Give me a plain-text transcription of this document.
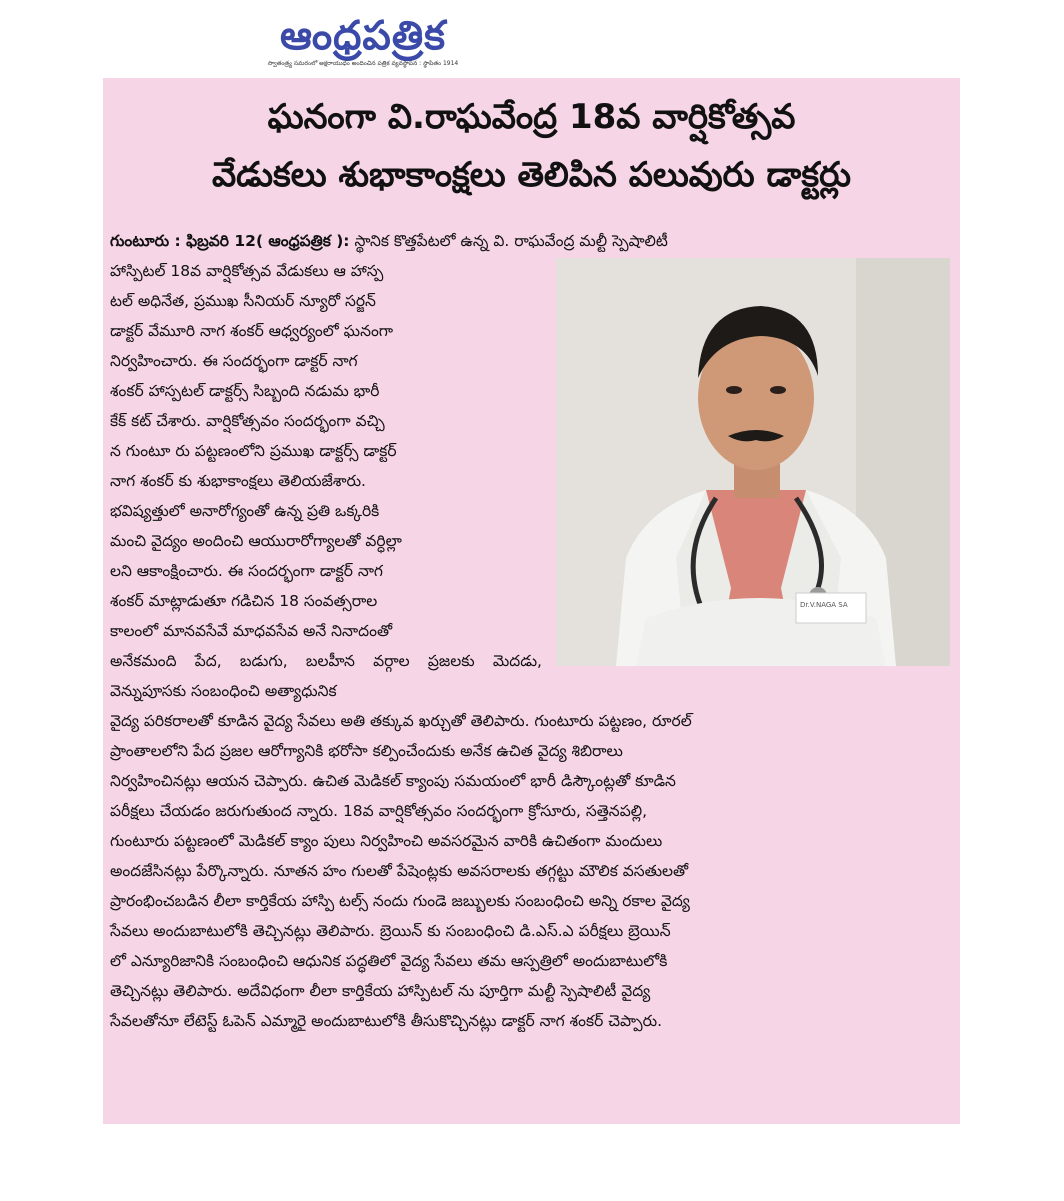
ఆంధ్రపత్రిక
స్వాతంత్ర్య సమరంలో అక్షరాయుధం అందించిన పత్రిక వ్యవస్థాపన : స్థాపితం 1914
ఘనంగా వి.రాఘవేంద్ర 18వ వార్షికోత్సవ
వేడుకలు శుభాకాంక్షలు తెలిపిన పలువురు డాక్టర్లు
గుంటూరు : ఫిబ్రవరి 12( ఆంధ్రపత్రిక ): స్థానిక కొత్తపేటలో ఉన్న వి. రాఘవేంద్ర మల్టీ స్పెషాలిటీ
Dr.V.NAGA SA
హాస్పిటల్ 18వ వార్షికోత్సవ వేడుకలు ఆ హాస్ప
టల్ అధినేత, ప్రముఖ సీనియర్ న్యూరో సర్జన్
డాక్టర్ వేమూరి నాగ శంకర్ ఆధ్వర్యంలో ఘనంగా
నిర్వహించారు. ఈ సందర్భంగా డాక్టర్ నాగ
శంకర్ హాస్పటల్ డాక్టర్స్ సిబ్బంది నడుమ భారీ
కేక్ కట్ చేశారు. వార్షికోత్సవం సందర్భంగా వచ్చి
న గుంటూ రు పట్టణంలోని ప్రముఖ డాక్టర్స్ డాక్టర్
నాగ శంకర్ కు శుభాకాంక్షలు తెలియజేశారు.
భవిష్యత్తులో అనారోగ్యంతో ఉన్న ప్రతి ఒక్కరికి
మంచి వైద్యం అందించి ఆయురారోగ్యాలతో వర్ధిల్లా
లని ఆకాంక్షించారు. ఈ సందర్భంగా డాక్టర్ నాగ
శంకర్ మాట్లాడుతూ గడిచిన 18 సంవత్సరాల
కాలంలో మానవసేవే మాధవసేవ అనే నినాదంతో
అనేకమంది పేద, బడుగు, బలహీన వర్గాల ప్రజలకు మెదడు, వెన్నుపూసకు సంబంధించి అత్యాధునిక
వైద్య పరికరాలతో కూడిన వైద్య సేవలు అతి తక్కువ ఖర్చుతో తెలిపారు. గుంటూరు పట్టణం, రూరల్
ప్రాంతాలలోని పేద ప్రజల ఆరోగ్యానికి భరోసా కల్పించేందుకు అనేక ఉచిత వైద్య శిబిరాలు
నిర్వహించినట్లు ఆయన చెప్పారు. ఉచిత మెడికల్ క్యాంపు సమయంలో భారీ డిస్కౌంట్లతో కూడిన
పరీక్షలు చేయడం జరుగుతుంద న్నారు. 18వ వార్షికోత్సవం సందర్భంగా క్రోసూరు, సత్తెనపల్లి,
గుంటూరు పట్టణంలో మెడికల్ క్యాం పులు నిర్వహించి అవసరమైన వారికి ఉచితంగా మందులు
అందజేసినట్లు పేర్కొన్నారు. నూతన హం గులతో పేషెంట్లకు అవసరాలకు తగ్గట్టు మౌలిక వసతులతో
ప్రారంభించబడిన లీలా కార్తికేయ హాస్పి టల్స్ నందు గుండె జబ్బులకు సంబంధించి అన్ని రకాల వైద్య
సేవలు అందుబాటులోకి తెచ్చినట్లు తెలిపారు. బ్రెయిన్ కు సంబంధించి డి.ఎస్.ఎ పరీక్షలు బ్రెయిన్
లో ఎన్యూరిజానికి సంబంధించి ఆధునిక పద్ధతిలో వైద్య సేవలు తమ ఆస్పత్రిలో అందుబాటులోకి
తెచ్చినట్లు తెలిపారు. అదేవిధంగా లీలా కార్తికేయ హాస్పిటల్ ను పూర్తిగా మల్టీ స్పెషాలిటీ వైద్య
సేవలతోనూ లేటెస్ట్ ఓపెన్ ఎమ్మారై అందుబాటులోకి తీసుకొచ్చినట్లు డాక్టర్ నాగ శంకర్ చెప్పారు.
